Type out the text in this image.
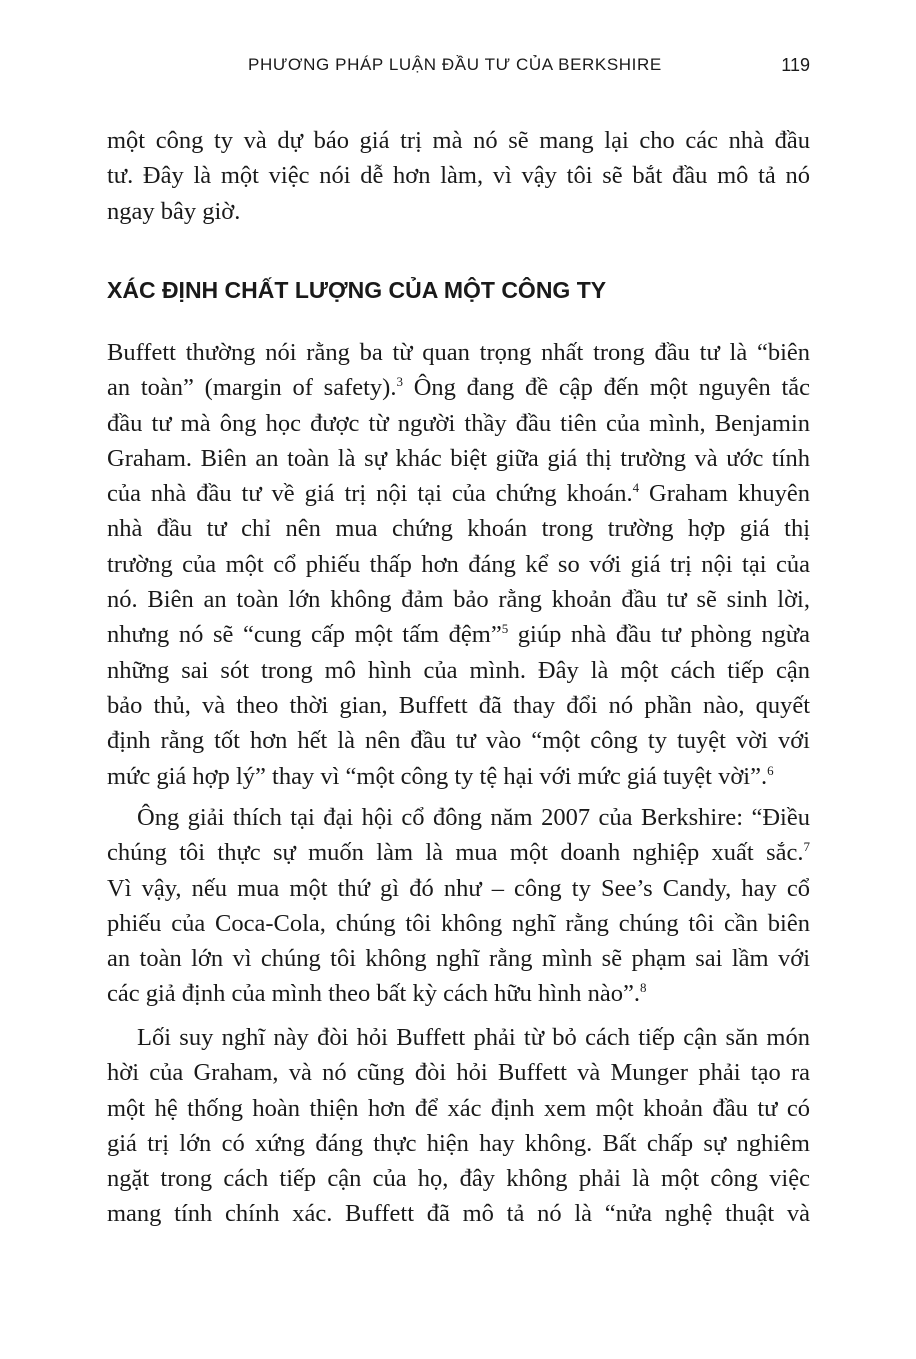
PHƯƠNG PHÁP LUẬN ĐẦU TƯ CỦA BERKSHIRE	119
một công ty và dự báo giá trị mà nó sẽ mang lại cho các nhà đầu
tư. Đây là một việc nói dễ hơn làm, vì vậy tôi sẽ bắt đầu mô tả nó
ngay bây giờ.
XÁC ĐỊNH CHẤT LƯỢNG CỦA MỘT CÔNG TY
Buffett thường nói rằng ba từ quan trọng nhất trong đầu tư là “biên
an toàn” (margin of safety).$^3$ Ông đang đề cập đến một nguyên tắc
đầu tư mà ông học được từ người thầy đầu tiên của mình, Benjamin
Graham. Biên an toàn là sự khác biệt giữa giá thị trường và ước tính
của nhà đầu tư về giá trị nội tại của chứng khoán.$^4$ Graham khuyên
nhà đầu tư chỉ nên mua chứng khoán trong trường hợp giá thị
trường của một cổ phiếu thấp hơn đáng kể so với giá trị nội tại của
nó. Biên an toàn lớn không đảm bảo rằng khoản đầu tư sẽ sinh lời,
nhưng nó sẽ “cung cấp một tấm đệm”$^5$ giúp nhà đầu tư phòng ngừa
những sai sót trong mô hình của mình. Đây là một cách tiếp cận
bảo thủ, và theo thời gian, Buffett đã thay đổi nó phần nào, quyết
định rằng tốt hơn hết là nên đầu tư vào “một công ty tuyệt vời với
mức giá hợp lý” thay vì “một công ty tệ hại với mức giá tuyệt vời”.$^6$
Ông giải thích tại đại hội cổ đông năm 2007 của Berkshire: “Điều
chúng tôi thực sự muốn làm là mua một doanh nghiệp xuất sắc.$^7$
Vì vậy, nếu mua một thứ gì đó như – công ty See’s Candy, hay cổ
phiếu của Coca-Cola, chúng tôi không nghĩ rằng chúng tôi cần biên
an toàn lớn vì chúng tôi không nghĩ rằng mình sẽ phạm sai lầm với
các giả định của mình theo bất kỳ cách hữu hình nào”.$^8$
Lối suy nghĩ này đòi hỏi Buffett phải từ bỏ cách tiếp cận săn món
hời của Graham, và nó cũng đòi hỏi Buffett và Munger phải tạo ra
một hệ thống hoàn thiện hơn để xác định xem một khoản đầu tư có
giá trị lớn có xứng đáng thực hiện hay không. Bất chấp sự nghiêm
ngặt trong cách tiếp cận của họ, đây không phải là một công việc
mang tính chính xác. Buffett đã mô tả nó là “nửa nghệ thuật và
